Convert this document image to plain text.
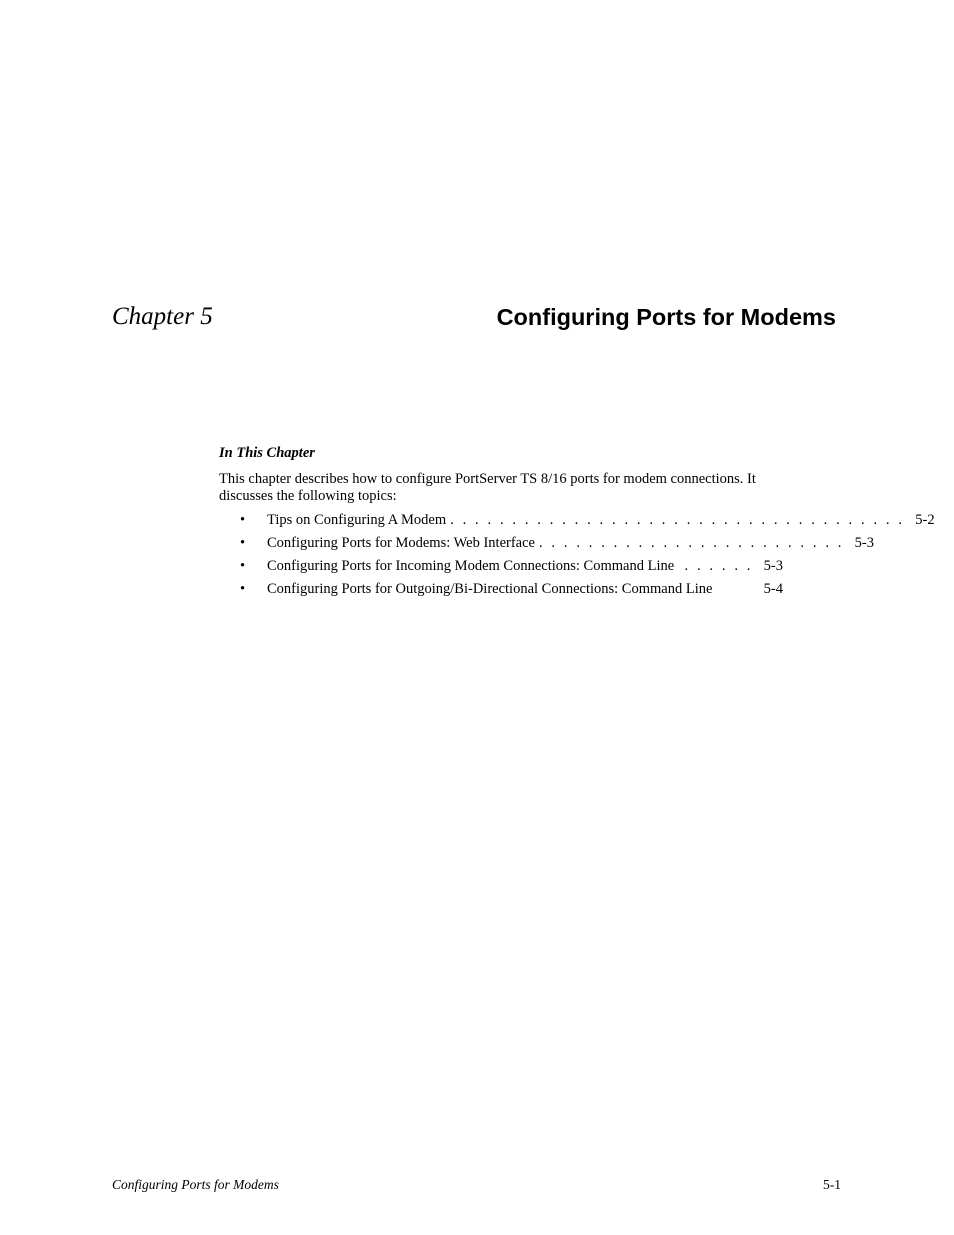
Chapter 5	Configuring Ports for Modems
In This Chapter

This chapter describes how to configure PortServer TS 8/16 ports for modem connections. It discusses the following topics:

•	Tips on Configuring A Modem . . . . . . . . . . . . . . . . . . . . . . . . . . . . . . . . . . . . . 5-2
•	Configuring Ports for Modems: Web Interface . . . . . . . . . . . . . . . . . . . . . . . . . 5-3
•	Configuring Ports for Incoming Modem Connections: Command Line . . . . . . 5-3
•	Configuring Ports for Outgoing/Bi-Directional Connections: Command Line	5-4
Configuring Ports for Modems	5-1
